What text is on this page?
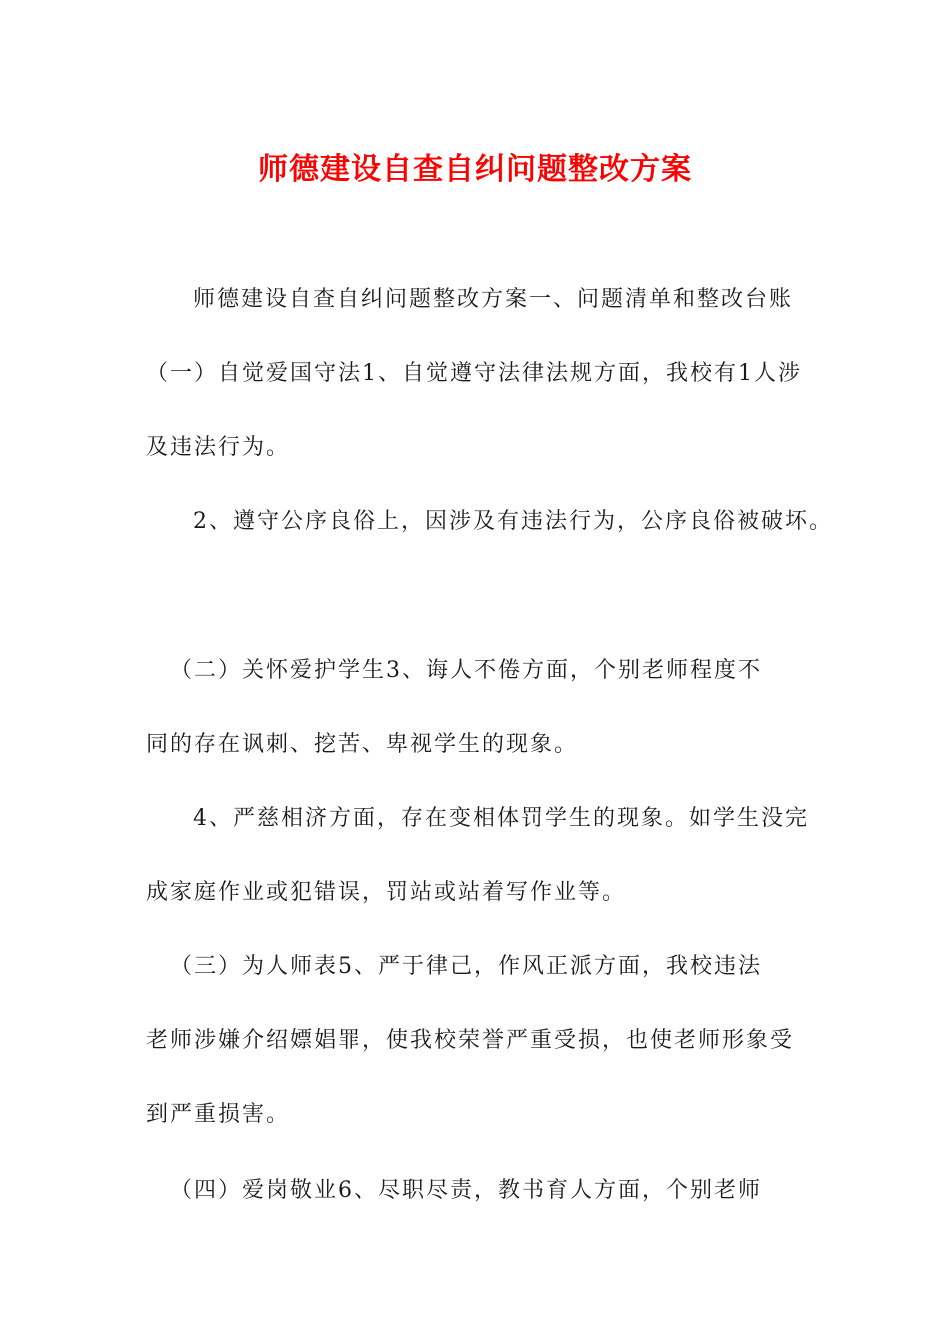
师德建设自查自纠问题整改方案
师德建设自查自纠问题整改方案一、问题清单和整改台账
（一）自觉爱国守法1、自觉遵守法律法规方面，我校有1人涉
及违法行为。
2、遵守公序良俗上，因涉及有违法行为，公序良俗被破坏。
（二）关怀爱护学生3、诲人不倦方面，个别老师程度不
同的存在讽刺、挖苦、卑视学生的现象。
4、严慈相济方面，存在变相体罚学生的现象。如学生没完
成家庭作业或犯错误，罚站或站着写作业等。
（三）为人师表5、严于律己，作风正派方面，我校违法
老师涉嫌介绍嫖娼罪，使我校荣誉严重受损，也使老师形象受
到严重损害。
（四）爱岗敬业6、尽职尽责，教书育人方面，个别老师
